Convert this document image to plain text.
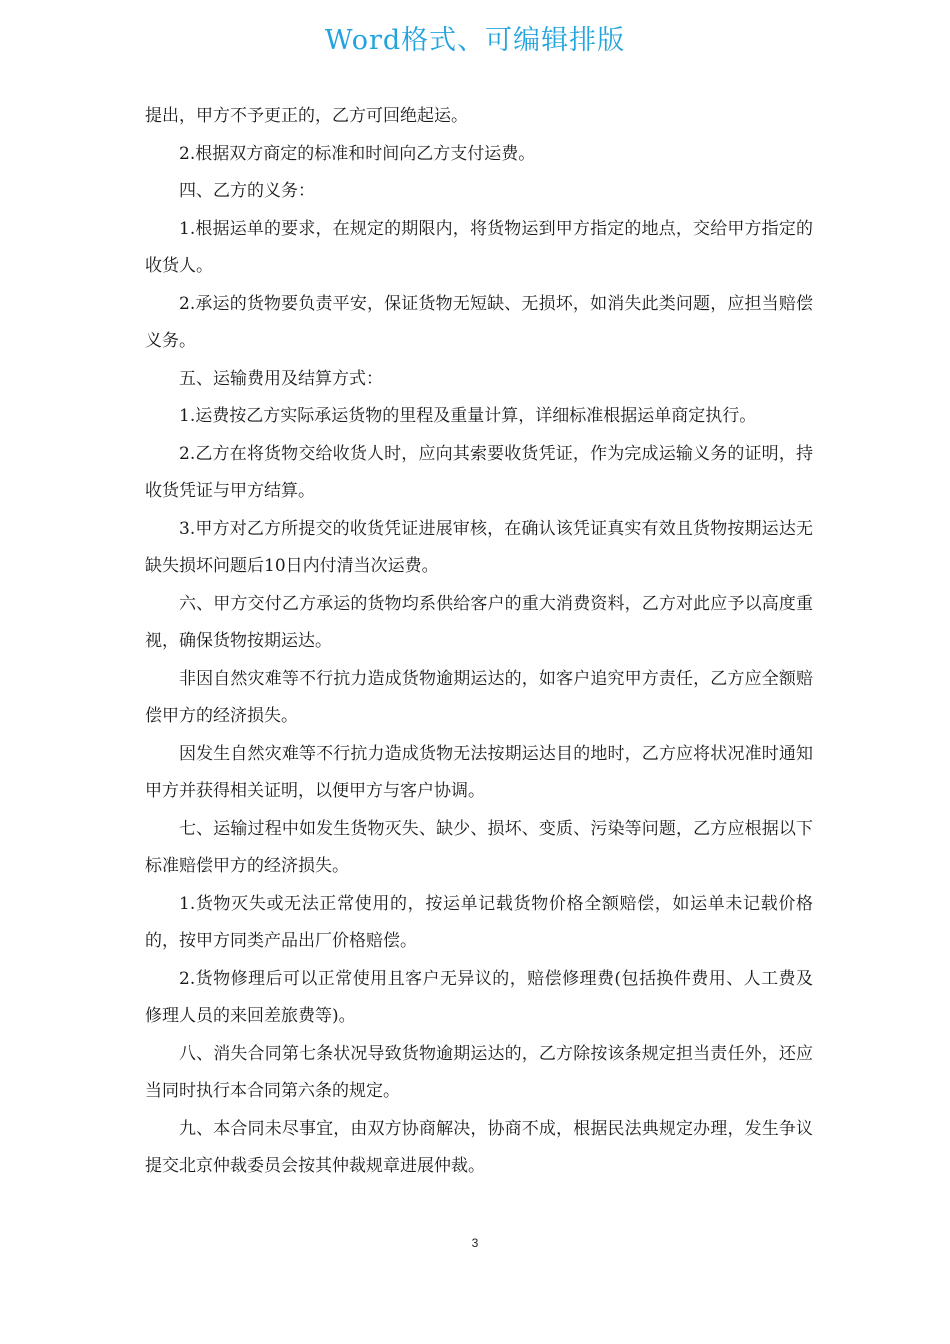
Word格式、可编辑排版

提出，甲方不予更正的，乙方可回绝起运。

2.根据双方商定的标准和时间向乙方支付运费。

四、乙方的义务：

1.根据运单的要求，在规定的期限内，将货物运到甲方指定的地点，交给甲方指定的收货人。

2.承运的货物要负责平安，保证货物无短缺、无损坏，如消失此类问题，应担当赔偿义务。

五、运输费用及结算方式：

1.运费按乙方实际承运货物的里程及重量计算，详细标准根据运单商定执行。

2.乙方在将货物交给收货人时，应向其索要收货凭证，作为完成运输义务的证明，持收货凭证与甲方结算。

3.甲方对乙方所提交的收货凭证进展审核，在确认该凭证真实有效且货物按期运达无缺失损坏问题后10日内付清当次运费。

六、甲方交付乙方承运的货物均系供给客户的重大消费资料，乙方对此应予以高度重视，确保货物按期运达。

非因自然灾难等不行抗力造成货物逾期运达的，如客户追究甲方责任，乙方应全额赔偿甲方的经济损失。

因发生自然灾难等不行抗力造成货物无法按期运达目的地时，乙方应将状况准时通知甲方并获得相关证明，以便甲方与客户协调。

七、运输过程中如发生货物灭失、缺少、损坏、变质、污染等问题，乙方应根据以下标准赔偿甲方的经济损失。

1.货物灭失或无法正常使用的，按运单记载货物价格全额赔偿，如运单未记载价格的，按甲方同类产品出厂价格赔偿。

2.货物修理后可以正常使用且客户无异议的，赔偿修理费(包括换件费用、人工费及修理人员的来回差旅费等)。

八、消失合同第七条状况导致货物逾期运达的，乙方除按该条规定担当责任外，还应当同时执行本合同第六条的规定。

九、本合同未尽事宜，由双方协商解决，协商不成，根据民法典规定办理，发生争议提交北京仲裁委员会按其仲裁规章进展仲裁。

3
